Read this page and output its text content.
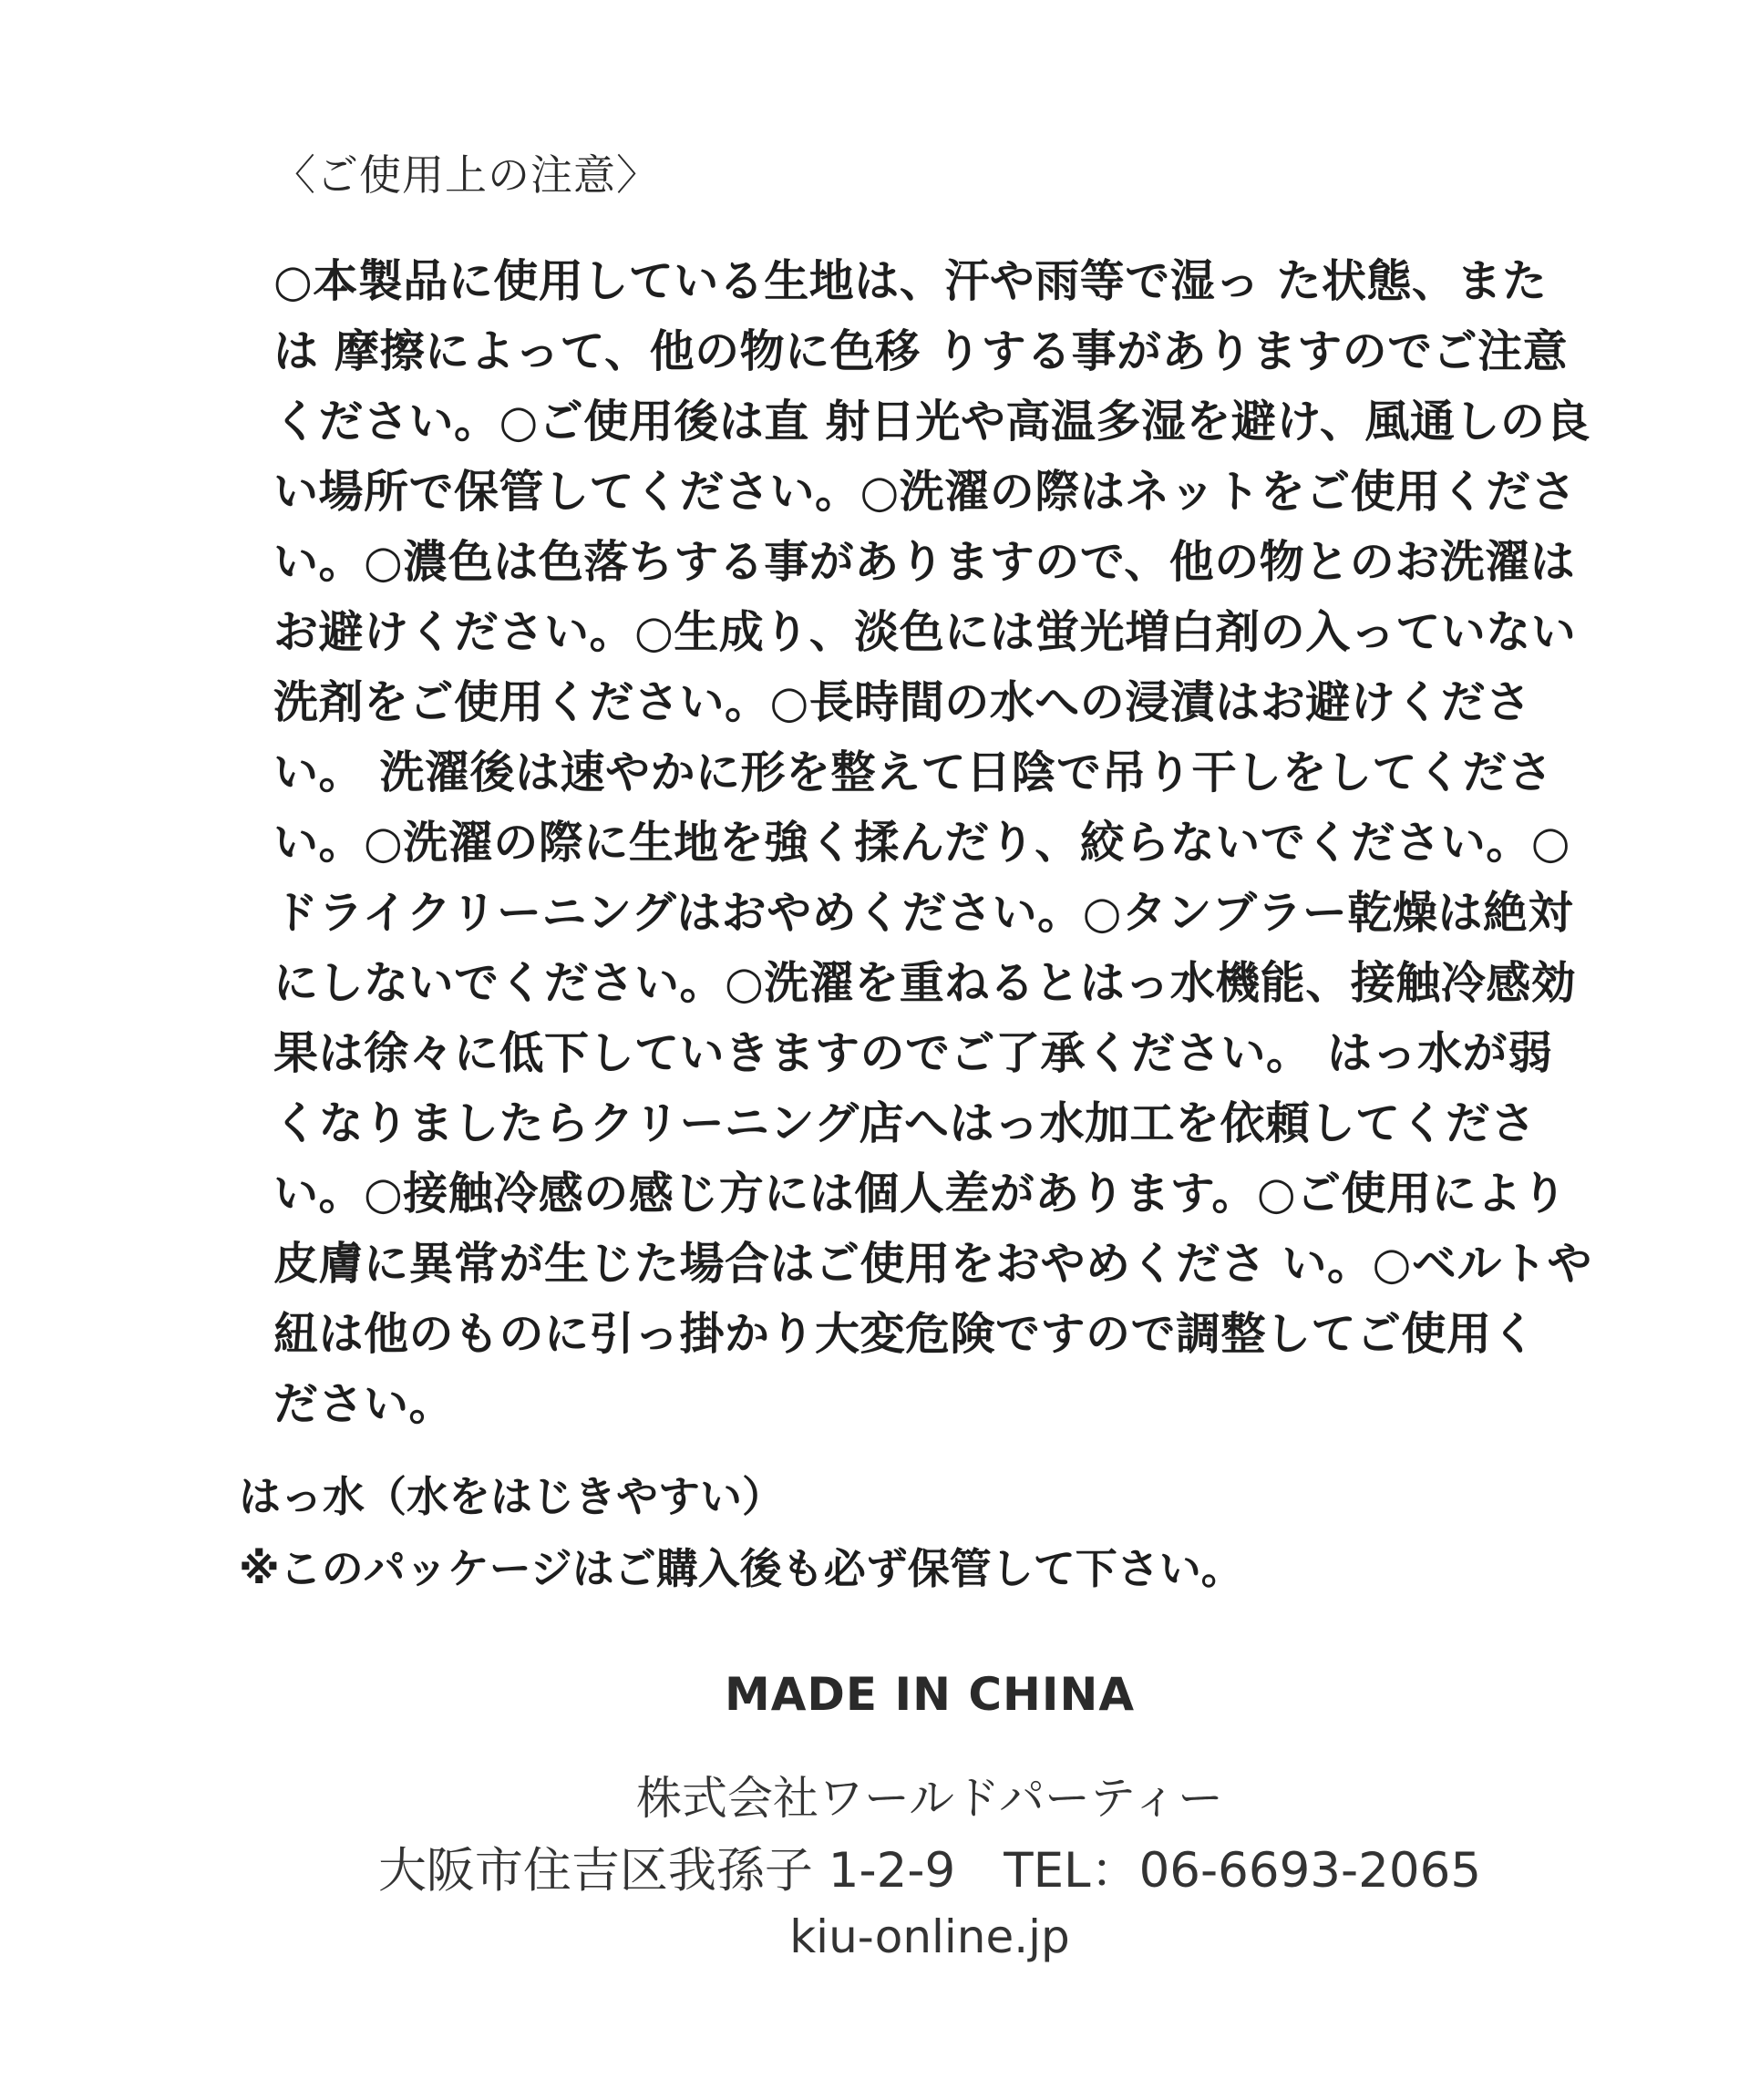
〈ご使用上の注意〉
○本製品に使用している生地は、汗や雨等で湿っ た状態、また
は 摩擦によって、他の物に色移 りする事がありますのでご注意
ください。○ご使用後は直 射日光や高温多湿を避け、風通しの良
い場所で保管してください。○洗濯の際はネットをご使用くださ
い。○濃色は色落ちする事がありますので、他の物とのお洗濯は
お避けください。○生成り、淡色には蛍光増白剤の入っていない
洗剤をご使用ください。○長時間の水への浸漬はお避けくださ
い。 洗濯後は速やかに形を整えて日陰で吊り干しをしてくださ
い。○洗濯の際に生地を強く揉んだり、絞らないでください。○
ドライクリーニングはおやめください。○タンブラー乾燥は絶対
にしないでください。○洗濯を重ねるとはっ水機能、接触冷感効
果は徐々に低下していきますのでご了承ください。 はっ水が弱
くなりましたらクリーニング店へはっ水加工を依頼してくださ
い。○接触冷感の感じ方には個人差があります。○ご使用により
皮膚に異常が生じた場合はご使用をおやめくださ い。○ベルトや
紐は他のものに引っ掛かり大変危険ですので調整してご使用く
ださい。
はっ水（水をはじきやすい）
※このパッケージはご購入後も必ず保管して下さい。
MADE IN CHINA
株式会社ワールドパーティー
大阪市住吉区我孫子 1-2-9　TEL：06-6693-2065
kiu-online.jp
